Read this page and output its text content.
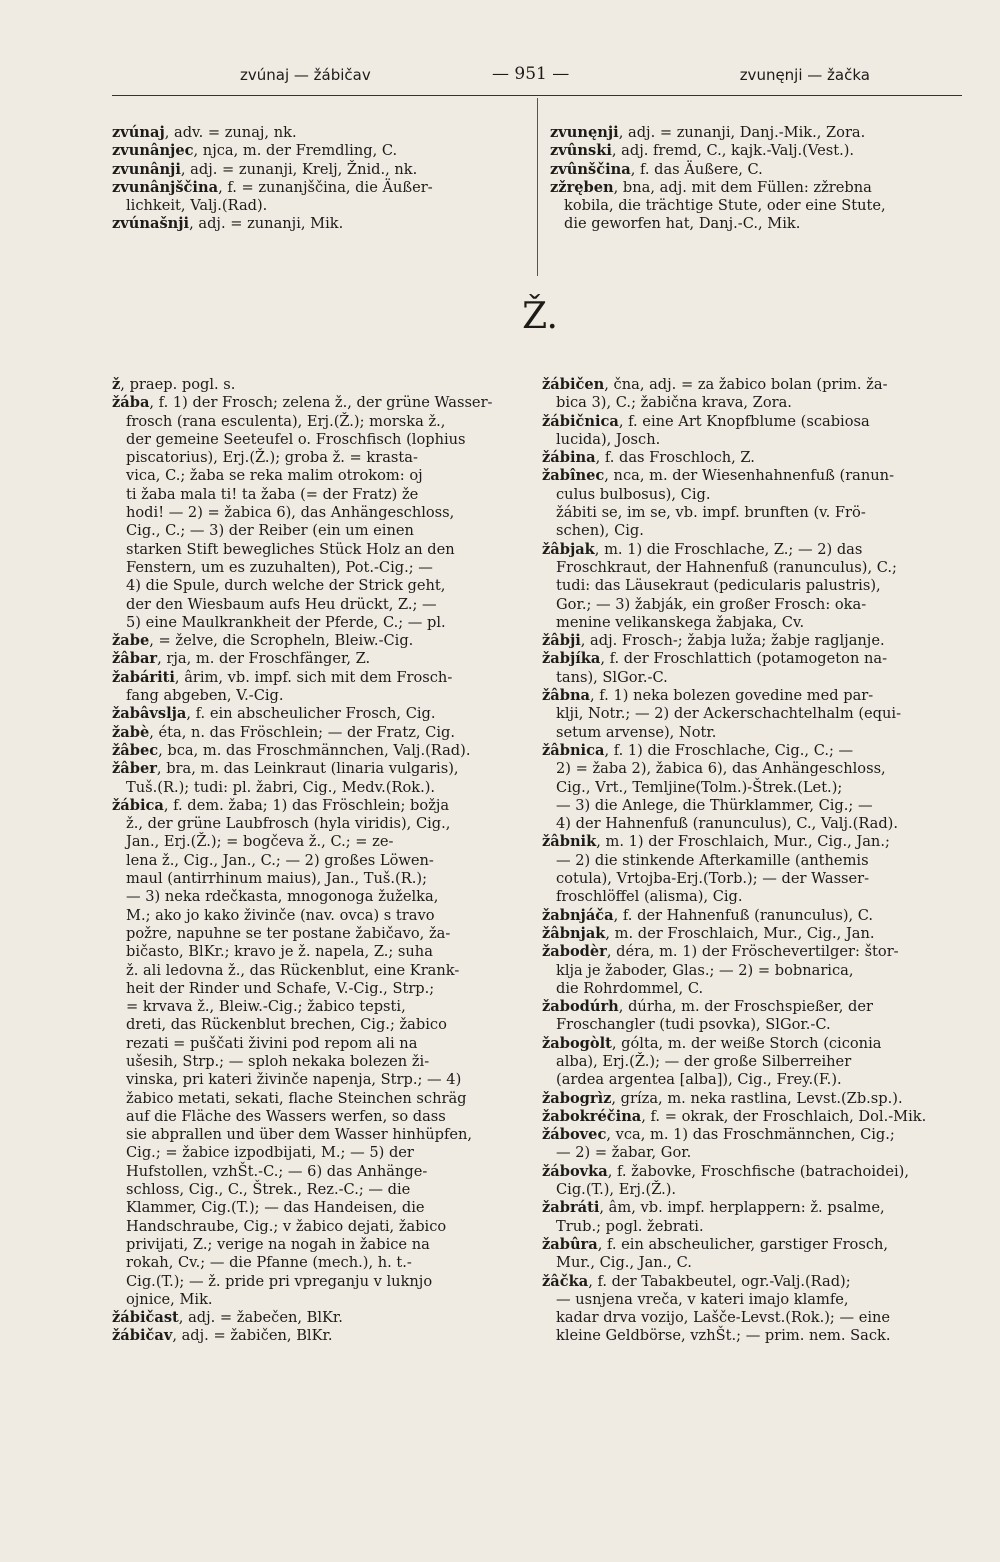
zvúnaj — žábičav	— 951 —	zvunęnji — žačka

zvúnaj, adv. = zunaj, nk.

zvunânjec, njca, m. der Fremdling, C.

zvunânji, adj. = zunanji, Krelj, Žnid., nk.

zvunânjščina, f. = zunanjščina, die Äußer-

lichkeit, Valj.(Rad).

zvúnašnji, adj. = zunanji, Mik.

zvunęnji, adj. = zunanji, Danj.-Mik., Zora.

zvûnski, adj. fremd, C., kajk.-Valj.(Vest.).

zvûnščina, f. das Äußere, C.

zžręben, bna, adj. mit dem Füllen: zžrebna

kobila, die trächtige Stute, oder eine Stute,

die geworfen hat, Danj.-C., Mik.

Ž.

ž, praep. pogl. s.

žába, f. 1) der Frosch; zelena ž., der grüne Wasser-

frosch (rana esculenta), Erj.(Ž.); morska ž.,

der gemeine Seeteufel o. Froschfisch (lophius

piscatorius), Erj.(Ž.); groba ž. = krasta-

vica, C.; žaba se reka malim otrokom: oj

ti žaba mala ti! ta žaba (= der Fratz) že

hodi! — 2) = žabica 6), das Anhängeschloss,

Cig., C.; — 3) der Reiber (ein um einen

starken Stift bewegliches Stück Holz an den

Fenstern, um es zuzuhalten), Pot.-Cig.; —

4) die Spule, durch welche der Strick geht,

der den Wiesbaum aufs Heu drückt, Z.; —

5) eine Maulkrankheit der Pferde, C.; — pl.

žabe, = želve, die Scropheln, Bleiw.-Cig.

žâbar, rja, m. der Froschfänger, Z.

žabáriti, ârim, vb. impf. sich mit dem Frosch-

fang abgeben, V.-Cig.

žabâvslja, f. ein abscheulicher Frosch, Cig.

žabè, éta, n. das Fröschlein; — der Fratz, Cig.

žâbec, bca, m. das Froschmännchen, Valj.(Rad).

žâber, bra, m. das Leinkraut (linaria vulgaris),

Tuš.(R.); tudi: pl. žabri, Cig., Medv.(Rok.).

žábica, f. dem. žaba; 1) das Fröschlein; božja

ž., der grüne Laubfrosch (hyla viridis), Cig.,

Jan., Erj.(Ž.); = bogčeva ž., C.; = ze-

lena ž., Cig., Jan., C.; — 2) großes Löwen-

maul (antirrhinum maius), Jan., Tuš.(R.);

— 3) neka rdečkasta, mnogonoga žuželka,

M.; ako jo kako živinče (nav. ovca) s travo

požre, napuhne se ter postane žabičavo, ža-

bičasto, BlKr.; kravo je ž. napela, Z.; suha

ž. ali ledovna ž., das Rückenblut, eine Krank-

heit der Rinder und Schafe, V.-Cig., Strp.;

= krvava ž., Bleiw.-Cig.; žabico tepsti,

dreti, das Rückenblut brechen, Cig.; žabico

rezati = puščati živini pod repom ali na

ušesih, Strp.; — sploh nekaka bolezen ži-

vinska, pri kateri živinče napenja, Strp.; — 4)

žabico metati, sekati, flache Steinchen schräg

auf die Fläche des Wassers werfen, so dass

sie abprallen und über dem Wasser hinhüpfen,

Cig.; = žabice izpodbijati, M.; — 5) der

Hufstollen, vzhŠt.-C.; — 6) das Anhänge-

schloss, Cig., C., Štrek., Rez.-C.; — die

Klammer, Cig.(T.); — das Handeisen, die

Handschraube, Cig.; v žabico dejati, žabico

privijati, Z.; verige na nogah in žabice na

rokah, Cv.; — die Pfanne (mech.), h. t.-

Cig.(T.); — ž. pride pri vpreganju v luknjo

ojnice, Mik.

žábičast, adj. = žabečen, BlKr.

žábičav, adj. = žabičen, BlKr.

žábičen, čna, adj. = za žabico bolan (prim. ža-

bica 3), C.; žabična krava, Zora.

žábičnica, f. eine Art Knopfblume (scabiosa

lucida), Josch.

žábina, f. das Froschloch, Z.

žabînec, nca, m. der Wiesenhahnenfuß (ranun-

culus bulbosus), Cig.

žábiti se, im se, vb. impf. brunften (v. Frö-

schen), Cig.

žâbjak, m. 1) die Froschlache, Z.; — 2) das

Froschkraut, der Hahnenfuß (ranunculus), C.;

tudi: das Läusekraut (pedicularis palustris),

Gor.; — 3) žabják, ein großer Frosch: oka-

menine velikanskega žabjaka, Cv.

žâbji, adj. Frosch-; žabja luža; žabje ragljanje.

žabjíka, f. der Froschlattich (potamogeton na-

tans), SlGor.-C.

žâbna, f. 1) neka bolezen govedine med par-

klji, Notr.; — 2) der Ackerschachtelhalm (equi-

setum arvense), Notr.

žâbnica, f. 1) die Froschlache, Cig., C.; —

2) = žaba 2), žabica 6), das Anhängeschloss,

Cig., Vrt., Temljine(Tolm.)-Štrek.(Let.);

— 3) die Anlege, die Thürklammer, Cig.; —

4) der Hahnenfuß (ranunculus), C., Valj.(Rad).

žâbnik, m. 1) der Froschlaich, Mur., Cig., Jan.;

— 2) die stinkende Afterkamille (anthemis

cotula), Vrtojba-Erj.(Torb.); — der Wasser-

froschlöffel (alisma), Cig.

žabnjáča, f. der Hahnenfuß (ranunculus), C.

žâbnjak, m. der Froschlaich, Mur., Cig., Jan.

žabodèr, déra, m. 1) der Fröschevertilger: štor-

klja je žaboder, Glas.; — 2) = bobnarica,

die Rohrdommel, C.

žabodúrh, dúrha, m. der Froschspießer, der

Froschangler (tudi psovka), SlGor.-C.

žabogòlt, gólta, m. der weiße Storch (ciconia

alba), Erj.(Ž.); — der große Silberreiher

(ardea argentea [alba]), Cig., Frey.(F.).

žabogrìz, gríza, m. neka rastlina, Levst.(Zb.sp.).

žabokréčina, f. = okrak, der Froschlaich, Dol.-Mik.

žábovec, vca, m. 1) das Froschmännchen, Cig.;

— 2) = žabar, Gor.

žábovka, f. žabovke, Froschfische (batrachoidei),

Cig.(T.), Erj.(Ž.).

žabráti, âm, vb. impf. herplappern: ž. psalme,

Trub.; pogl. žebrati.

žabûra, f. ein abscheulicher, garstiger Frosch,

Mur., Cig., Jan., C.

žâčka, f. der Tabakbeutel, ogr.-Valj.(Rad);

— usnjena vreča, v kateri imajo klamfe,

kadar drva vozijo, Lašče-Levst.(Rok.); — eine

kleine Geldbörse, vzhŠt.; — prim. nem. Sack.
